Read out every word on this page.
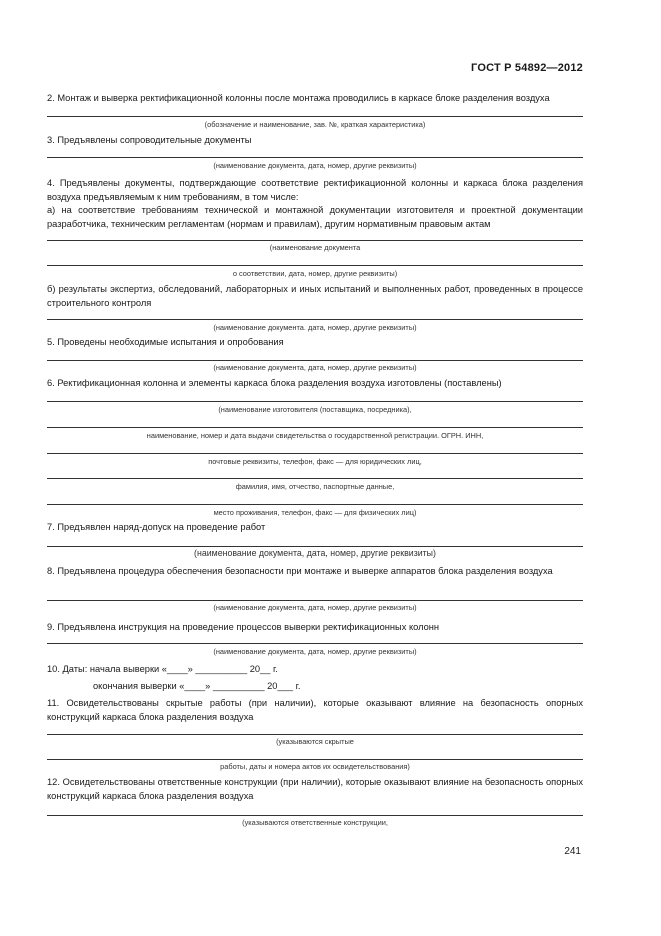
ГОСТ Р 54892—2012
2. Монтаж и выверка ректификационной колонны после монтажа проводились в каркасе блоке разделения воздуха
(обозначение и наименование, зав. №, краткая характеристика)
3. Предъявлены сопроводительные документы
(наименование документа, дата, номер, другие реквизиты)
4. Предъявлены документы, подтверждающие соответствие ректификационной колонны и каркаса блока разделения воздуха предъявляемым к ним требованиям, в том числе:
а) на соответствие требованиям технической и монтажной документации изготовителя и проектной документации разработчика, техническим регламентам (нормам и правилам), другим нормативным правовым актам
(наименование документа
о соответствии, дата, номер, другие реквизиты)
б) результаты экспертиз, обследований, лабораторных и иных испытаний и выполненных работ, проведенных в процессе строительного контроля
(наименование документа. дата, номер, другие реквизиты)
5. Проведены необходимые испытания и опробования
(наименование документа, дата, номер, другие реквизиты)
6. Ректификационная колонна и элементы каркаса блока разделения воздуха изготовлены (поставлены)
(наименование изготовителя (поставщика, посредника),
наименование, номер и дата выдачи свидетельства о государственной регистрации. ОГРН. ИНН,
почтовые реквизиты, телефон, факс — для юридических лиц,
фамилия, имя, отчество, паспортные данные,
место проживания, телефон, факс — для физических лиц)
7. Предъявлен наряд-допуск на проведение работ
(наименование документа, дата, номер, другие реквизиты)
8. Предъявлена процедура обеспечения безопасности при монтаже и выверке аппаратов блока разделения воздуха
(наименование документа, дата, номер, другие реквизиты)
9. Предъявлена инструкция на проведение процессов выверки ректификационных колонн
(наименование документа, дата, номер, другие реквизиты)
10. Даты: начала выверки «____» __________ 20__ г.
окончания выверки «____» __________ 20___ г.
11. Освидетельствованы скрытые работы (при наличии), которые оказывают влияние на безопасность опорных конструкций каркаса блока разделения воздуха
(указываются скрытые
работы, даты и номера актов их освидетельствования)
12. Освидетельствованы ответственные конструкции (при наличии), которые оказывают влияние на безопасность опорных конструкций каркаса блока разделения воздуха
(указываются ответственные конструкции,
241
